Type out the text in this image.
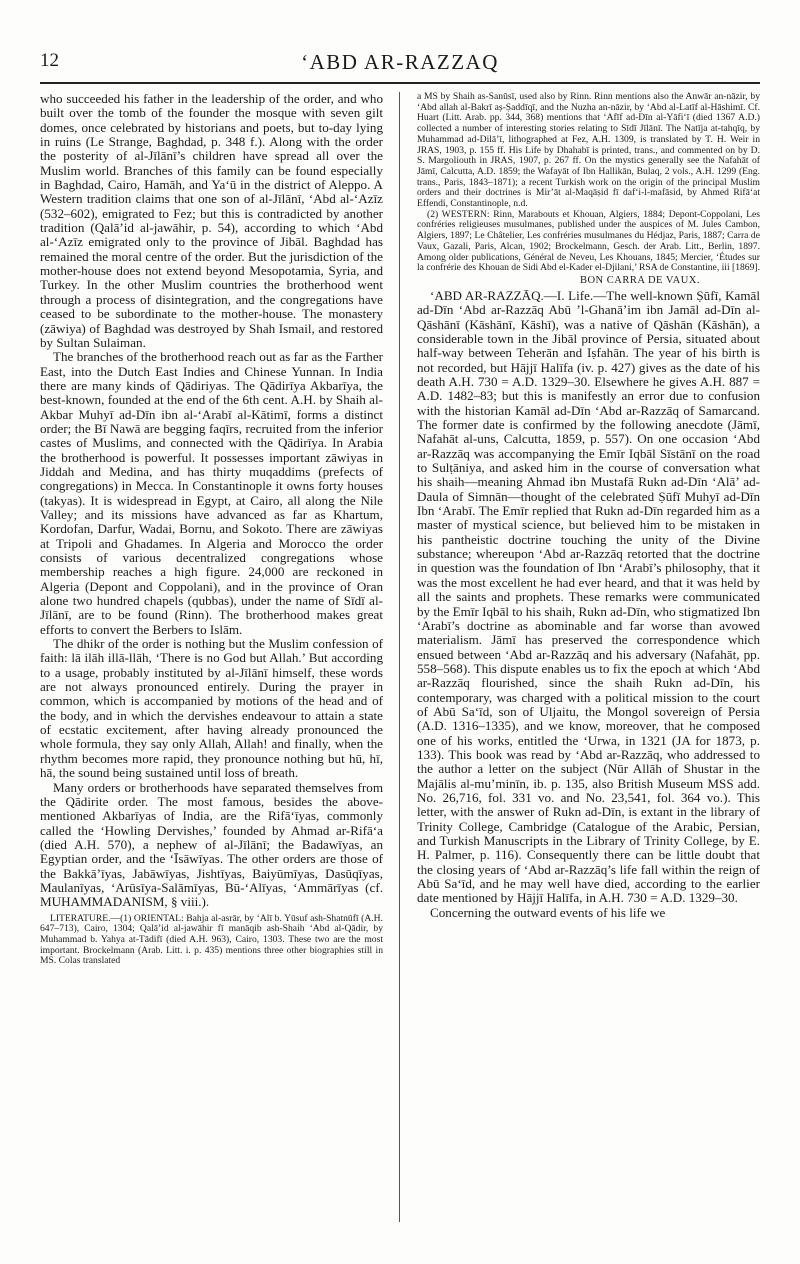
12	‘ABD AR-RAZZAQ

who succeeded his father in the leadership of the order, and who built over the tomb of the founder the mosque with seven gilt domes, once celebrated by historians and poets, but to-day lying in ruins (Le Strange, Baghdad, p. 348 f.). Along with the order the posterity of al-Jīlānī’s children have spread all over the Muslim world. Branches of this family can be found especially in Baghdad, Cairo, Hamāh, and Ya‘ū in the district of Aleppo. A Western tradition claims that one son of al-Jīlānī, ‘Abd al-‘Azīz (532–602), emigrated to Fez; but this is contradicted by another tradition (Qalā’id al-jawāhir, p. 54), according to which ‘Abd al-‘Azīz emigrated only to the province of Jibāl. Baghdad has remained the moral centre of the order. But the jurisdiction of the mother-house does not extend beyond Mesopotamia, Syria, and Turkey. In the other Muslim countries the brotherhood went through a process of disintegration, and the congregations have ceased to be subordinate to the mother-house. The monastery (zāwiya) of Baghdad was destroyed by Shah Ismail, and restored by Sultan Sulaiman.

The branches of the brotherhood reach out as far as the Farther East, into the Dutch East Indies and Chinese Yunnan. In India there are many kinds of Qādiriyas. The Qādirīya Akbarīya, the best-known, founded at the end of the 6th cent. A.H. by Shaih al-Akbar Muhyī ad-Dīn ibn al-‘Arabī al-Kātimī, forms a distinct order; the Bī Nawā are begging faqīrs, recruited from the inferior castes of Muslims, and connected with the Qādirīya. In Arabia the brotherhood is powerful. It possesses important zāwiyas in Jiddah and Medina, and has thirty muqaddims (prefects of congregations) in Mecca. In Constantinople it owns forty houses (takyas). It is widespread in Egypt, at Cairo, all along the Nile Valley; and its missions have advanced as far as Khartum, Kordofan, Darfur, Wadai, Bornu, and Sokoto. There are zāwiyas at Tripoli and Ghadames. In Algeria and Morocco the order consists of various decentralized congregations whose membership reaches a high figure. 24,000 are reckoned in Algeria (Depont and Coppolani), and in the province of Oran alone two hundred chapels (qubbas), under the name of Sīdī al-Jīlānī, are to be found (Rinn). The brotherhood makes great efforts to convert the Berbers to Islām.

The dhikr of the order is nothing but the Muslim confession of faith: lā ilāh illā-llāh, ‘There is no God but Allah.’ But according to a usage, probably instituted by al-Jīlānī himself, these words are not always pronounced entirely. During the prayer in common, which is accompanied by motions of the head and of the body, and in which the dervishes endeavour to attain a state of ecstatic excitement, after having already pronounced the whole formula, they say only Allah, Allah! and finally, when the rhythm becomes more rapid, they pronounce nothing but hū, hī, hā, the sound being sustained until loss of breath.

Many orders or brotherhoods have separated themselves from the Qādirite order. The most famous, besides the above-mentioned Akbarīyas of India, are the Rifā‘īyas, commonly called the ‘Howling Dervishes,’ founded by Ahmad ar-Rifā‘a (died A.H. 570), a nephew of al-Jīlānī; the Badawīyas, an Egyptian order, and the ‘Īsāwīyas. The other orders are those of the Bakkā’īyas, Jabāwīyas, Jishtīyas, Baiyūmīyas, Dasūqīyas, Maulanīyas, ‘Arūsīya-Salāmīyas, Bū-‘Alīyas, ‘Ammārīyas (cf. MUHAMMADANISM, § viii.).

LITERATURE.—(1) ORIENTAL: Bahja al-asrār, by ‘Alī b. Yūsuf ash-Shatnūfī (A.H. 647–713), Cairo, 1304; Qalā’id al-jawāhir fī manāqib ash-Shaih ‘Abd al-Qādir, by Muhammad b. Yahya at-Tādifī (died A.H. 963), Cairo, 1303. These two are the most important. Brockelmann (Arab. Litt. i. p. 435) mentions three other biographies still in MS. Colas translated

a MS by Shaih as-Sanūsī, used also by Rinn. Rinn mentions also the Anwār an-nāzir, by ‘Abd allah al-Bakrī aṣ-Ṣaddīqī, and the Nuzha an-nāzir, by ‘Abd al-Latīf al-Hāshimī. Cf. Huart (Litt. Arab. pp. 344, 368) mentions that ‘Afīf ad-Dīn al-Yāfi‘ī (died 1367 A.D.) collected a number of interesting stories relating to Sīdī Jīlānī. The Natīja at-tahqīq, by Muhammad ad-Dilā’ī, lithographed at Fez, A.H. 1309, is translated by T. H. Weir in JRAS, 1903, p. 155 ff. His Life by Dhahabī is printed, trans., and commented on by D. S. Margoliouth in JRAS, 1907, p. 267 ff. On the mystics generally see the Nafahāt of Jāmī, Calcutta, A.D. 1859; the Wafayāt of Ibn Hallikān, Bulaq, 2 vols., A.H. 1299 (Eng. trans., Paris, 1843–1871); a recent Turkish work on the origin of the principal Muslim orders and their doctrines is Mir’āt al-Maqāṣid fī daf‘i-l-mafāsid, by Ahmed Rifā‘at Effendi, Constantinople, n.d.

(2) WESTERN: Rinn, Marabouts et Khouan, Algiers, 1884; Depont-Coppolani, Les confréries religieuses musulmanes, published under the auspices of M. Jules Cambon, Algiers, 1897; Le Châtelier, Les confréries musulmanes du Hédjaz, Paris, 1887; Carra de Vaux, Gazali, Paris, Alcan, 1902; Brockelmann, Gesch. der Arab. Litt., Berlin, 1897. Among older publications, Général de Neveu, Les Khouans, 1845; Mercier, ‘Études sur la confrérie des Khouan de Sidi Abd el-Kader el-Djilani,’ RSA de Constantine, iii [1869].

BON CARRA DE VAUX.

‘ABD AR-RAZZĀQ.—I. Life.—The well-known Ṣūfī, Kamāl ad-Dīn ‘Abd ar-Razzāq Abū ’l-Ghanā’im ibn Jamāl ad-Dīn al-Qāshānī (Kāshānī, Kāshī), was a native of Qāshān (Kāshān), a considerable town in the Jibāl province of Persia, situated about half-way between Teherān and Iṣfahān. The year of his birth is not recorded, but Hājjī Halīfa (iv. p. 427) gives as the date of his death A.H. 730 = A.D. 1329–30. Elsewhere he gives A.H. 887 = A.D. 1482–83; but this is manifestly an error due to confusion with the historian Kamāl ad-Dīn ‘Abd ar-Razzāq of Samarcand. The former date is confirmed by the following anecdote (Jāmī, Nafahāt al-uns, Calcutta, 1859, p. 557). On one occasion ‘Abd ar-Razzāq was accompanying the Emīr Iqbāl Sīstānī on the road to Sulṭāniya, and asked him in the course of conversation what his shaih—meaning Ahmad ibn Mustafā Rukn ad-Dīn ‘Alā’ ad-Daula of Simnān—thought of the celebrated Ṣūfī Muhyī ad-Dīn Ibn ‘Arabī. The Emīr replied that Rukn ad-Dīn regarded him as a master of mystical science, but believed him to be mistaken in his pantheistic doctrine touching the unity of the Divine substance; whereupon ‘Abd ar-Razzāq retorted that the doctrine in question was the foundation of Ibn ‘Arabī’s philosophy, that it was the most excellent he had ever heard, and that it was held by all the saints and prophets. These remarks were communicated by the Emīr Iqbāl to his shaih, Rukn ad-Dīn, who stigmatized Ibn ‘Arabī’s doctrine as abominable and far worse than avowed materialism. Jāmī has preserved the correspondence which ensued between ‘Abd ar-Razzāq and his adversary (Nafahāt, pp. 558–568). This dispute enables us to fix the epoch at which ‘Abd ar-Razzāq flourished, since the shaih Rukn ad-Dīn, his contemporary, was charged with a political mission to the court of Abū Sa‘īd, son of Uljaitu, the Mongol sovereign of Persia (A.D. 1316–1335), and we know, moreover, that he composed one of his works, entitled the ‘Urwa, in 1321 (JA for 1873, p. 133). This book was read by ‘Abd ar-Razzāq, who addressed to the author a letter on the subject (Nūr Allāh of Shustar in the Majālis al-mu’minīn, ib. p. 135, also British Museum MSS add. No. 26,716, fol. 331 vo. and No. 23,541, fol. 364 vo.). This letter, with the answer of Rukn ad-Dīn, is extant in the library of Trinity College, Cambridge (Catalogue of the Arabic, Persian, and Turkish Manuscripts in the Library of Trinity College, by E. H. Palmer, p. 116). Consequently there can be little doubt that the closing years of ‘Abd ar-Razzāq’s life fall within the reign of Abū Sa‘īd, and he may well have died, according to the earlier date mentioned by Hājjī Halīfa, in A.H. 730 = A.D. 1329–30.

Concerning the outward events of his life we
